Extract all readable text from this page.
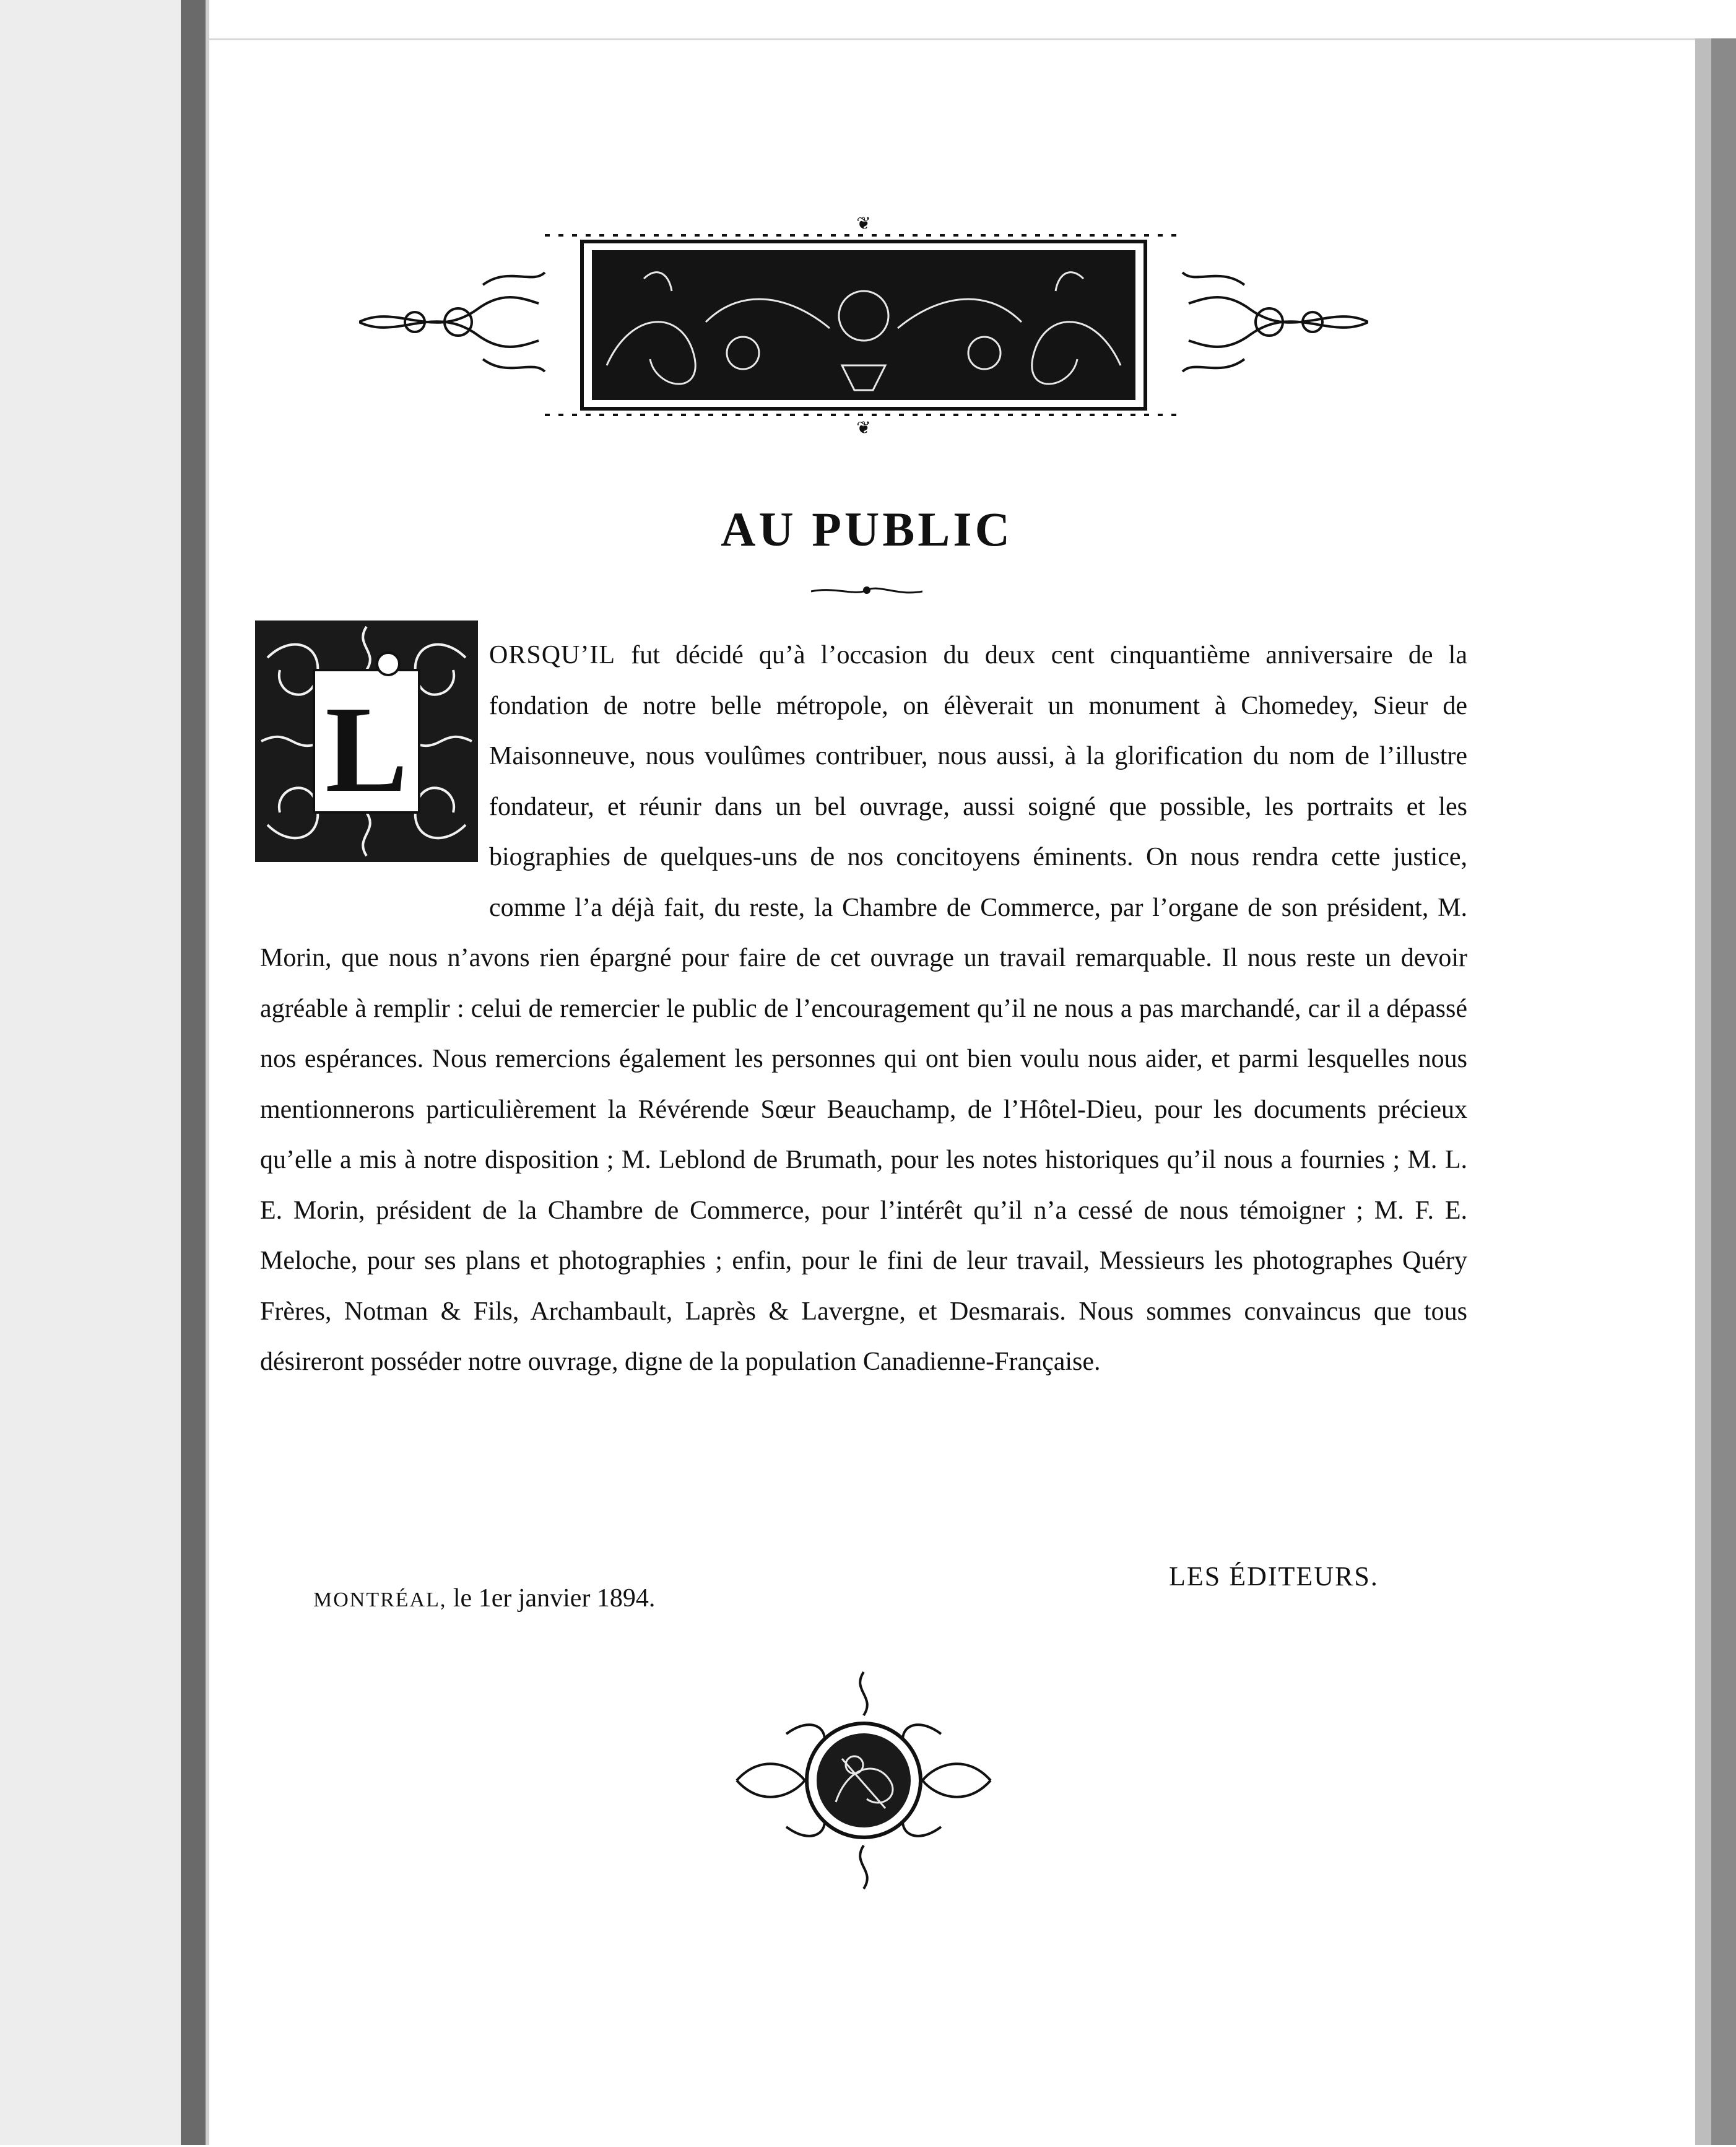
❦
❦
AU PUBLIC
L

ORSQU’IL fut décidé qu’à l’occasion du deux cent cinquantième anniversaire de la fondation de notre belle métropole, on élèverait un monument à Chomedey, Sieur de Maisonneuve, nous voulûmes contribuer, nous aussi, à la glorification du nom de l’illustre fondateur, et réunir dans un bel ouvrage, aussi soigné que possible, les portraits et les biographies de quelques-uns de nos concitoyens éminents. On nous rendra cette justice, comme l’a déjà fait, du reste, la Chambre de Commerce, par l’organe de son président, M. Morin, que nous n’avons rien épargné pour faire de cet ouvrage un travail remarquable. Il nous reste un devoir agréable à remplir : celui de remercier le public de l’encouragement qu’il ne nous a pas marchandé, car il a dépassé nos espérances. Nous remercions également les personnes qui ont bien voulu nous aider, et parmi lesquelles nous mentionnerons particulièrement la Révérende Sœur Beauchamp, de l’Hôtel-Dieu, pour les documents précieux qu’elle a mis à notre disposition ; M. Leblond de Brumath, pour les notes historiques qu’il nous a fournies ; M. L. E. Morin, président de la Chambre de Commerce, pour l’intérêt qu’il n’a cessé de nous témoigner ; M. F. E. Meloche, pour ses plans et photographies ; enfin, pour le fini de leur travail, Messieurs les photographes Quéry Frères, Notman & Fils, Archambault, Laprès & Lavergne, et Desmarais. Nous sommes convaincus que tous désireront posséder notre ouvrage, digne de la population Canadienne-Française.

LES ÉDITEURS.

MONTRÉAL, le 1er janvier 1894.
